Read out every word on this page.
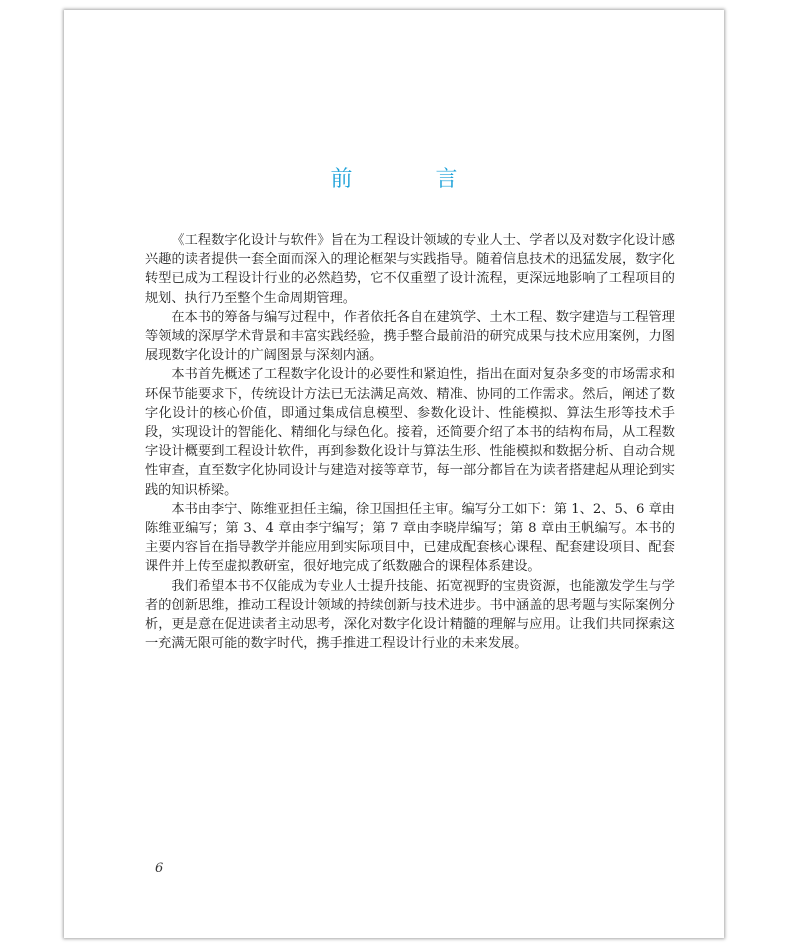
前 言

《工程数字化设计与软件》旨在为工程设计领域的专业人士、学者以及对数字化设计感兴趣的读者提供一套全面而深入的理论框架与实践指导。随着信息技术的迅猛发展，数字化转型已成为工程设计行业的必然趋势，它不仅重塑了设计流程，更深远地影响了工程项目的规划、执行乃至整个生命周期管理。

在本书的筹备与编写过程中，作者依托各自在建筑学、土木工程、数字建造与工程管理等领域的深厚学术背景和丰富实践经验，携手整合最前沿的研究成果与技术应用案例，力图展现数字化设计的广阔图景与深刻内涵。

本书首先概述了工程数字化设计的必要性和紧迫性，指出在面对复杂多变的市场需求和环保节能要求下，传统设计方法已无法满足高效、精准、协同的工作需求。然后，阐述了数字化设计的核心价值，即通过集成信息模型、参数化设计、性能模拟、算法生形等技术手段，实现设计的智能化、精细化与绿色化。接着，还简要介绍了本书的结构布局，从工程数字设计概要到工程设计软件，再到参数化设计与算法生形、性能模拟和数据分析、自动合规性审查，直至数字化协同设计与建造对接等章节，每一部分都旨在为读者搭建起从理论到实践的知识桥梁。

本书由李宁、陈维亚担任主编，徐卫国担任主审。编写分工如下：第 1、2、5、6 章由陈维亚编写；第 3、4 章由李宁编写；第 7 章由李晓岸编写；第 8 章由王帆编写。本书的主要内容旨在指导教学并能应用到实际项目中，已建成配套核心课程、配套建设项目、配套课件并上传至虚拟教研室，很好地完成了纸数融合的课程体系建设。

我们希望本书不仅能成为专业人士提升技能、拓宽视野的宝贵资源，也能激发学生与学者的创新思维，推动工程设计领域的持续创新与技术进步。书中涵盖的思考题与实际案例分析，更是意在促进读者主动思考，深化对数字化设计精髓的理解与应用。让我们共同探索这一充满无限可能的数字时代，携手推进工程设计行业的未来发展。

6
